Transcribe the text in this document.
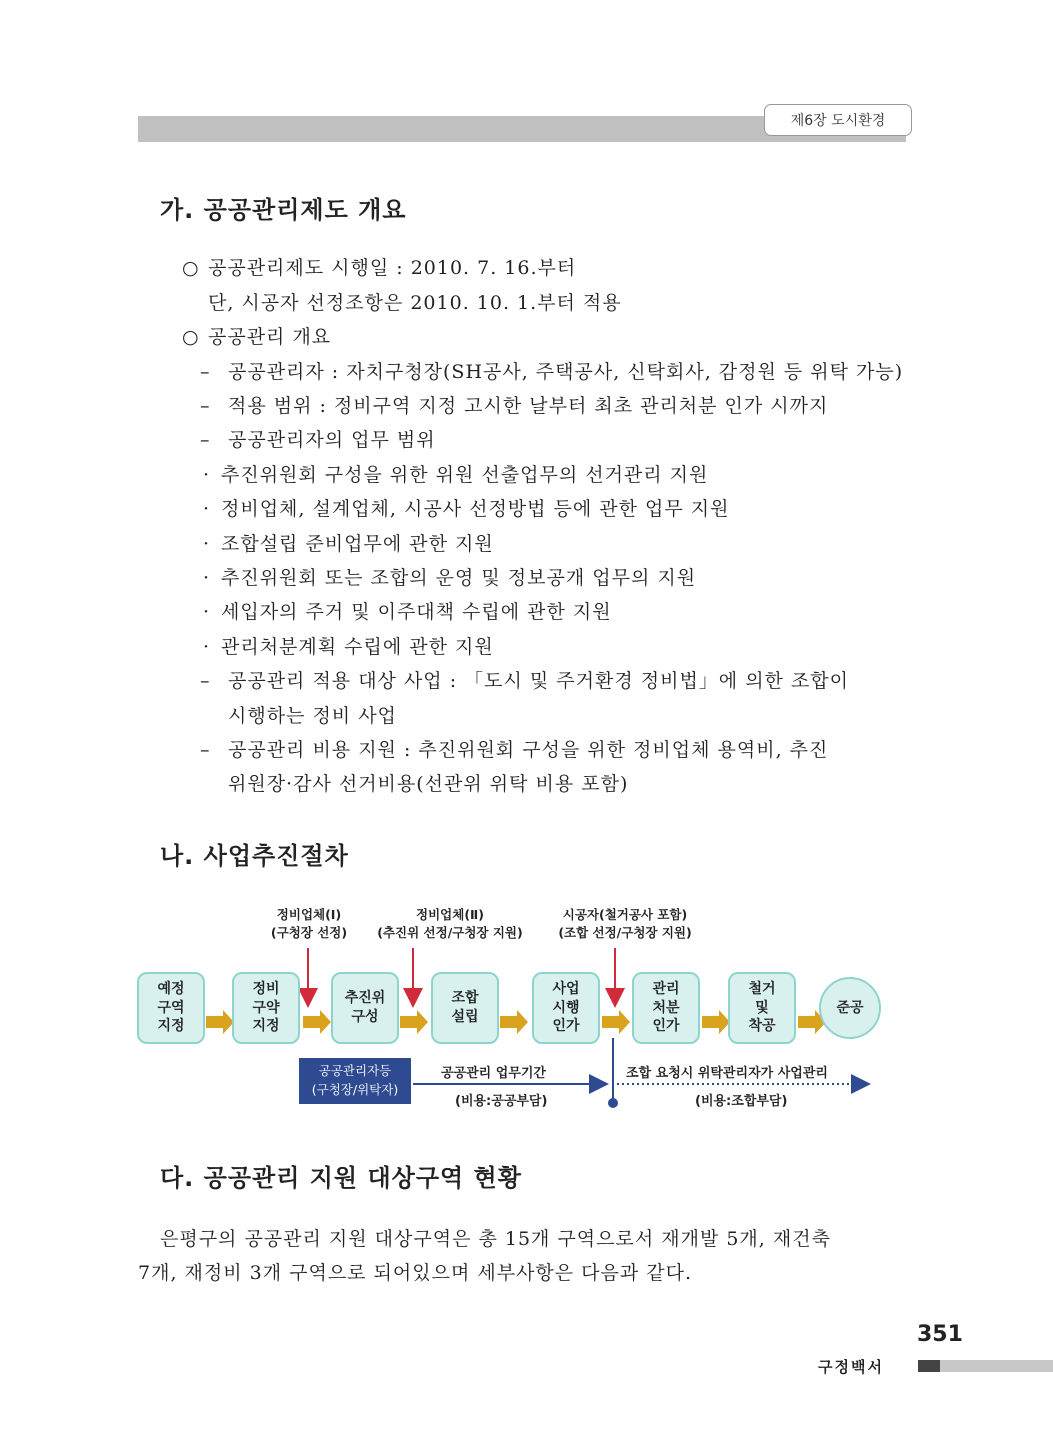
제6장 도시환경
가. 공공관리제도 개요
○ 공공관리제도 시행일 : 2010. 7. 16.부터
단, 시공자 선정조항은 2010. 10. 1.부터 적용
○ 공공관리 개요
– 공공관리자 : 자치구청장(SH공사, 주택공사, 신탁회사, 감정원 등 위탁 가능)
– 적용 범위 : 정비구역 지정 고시한 날부터 최초 관리처분 인가 시까지
– 공공관리자의 업무 범위
· 추진위원회 구성을 위한 위원 선출업무의 선거관리 지원
· 정비업체, 설계업체, 시공사 선정방법 등에 관한 업무 지원
· 조합설립 준비업무에 관한 지원
· 추진위원회 또는 조합의 운영 및 정보공개 업무의 지원
· 세입자의 주거 및 이주대책 수립에 관한 지원
· 관리처분계획 수립에 관한 지원
– 공공관리 적용 대상 사업 : 「도시 및 주거환경 정비법」에 의한 조합이
시행하는 정비 사업
– 공공관리 비용 지원 : 추진위원회 구성을 위한 정비업체 용역비, 추진
위원장·감사 선거비용(선관위 위탁 비용 포함)
나. 사업추진절차
정비업체(Ⅰ)
(구청장 선정)
정비업체(Ⅱ)
(추진위 선정/구청장 지원)
시공자(철거공사 포함)
(조합 선정/구청장 지원)
예정
구역
지정
정비
구약
지정
추진위
구성
조합
설립
사업
시행
인가
관리
처분
인가
철거
및
착공
준공
공공관리자등
(구청장/위탁자)
공공관리 업무기간
(비용:공공부담)
조합 요청시 위탁관리자가 사업관리
(비용:조합부담)
다. 공공관리 지원 대상구역 현황
은평구의 공공관리 지원 대상구역은 총 15개 구역으로서 재개발 5개, 재건축
7개, 재정비 3개 구역으로 되어있으며 세부사항은 다음과 같다.
351
구정백서
